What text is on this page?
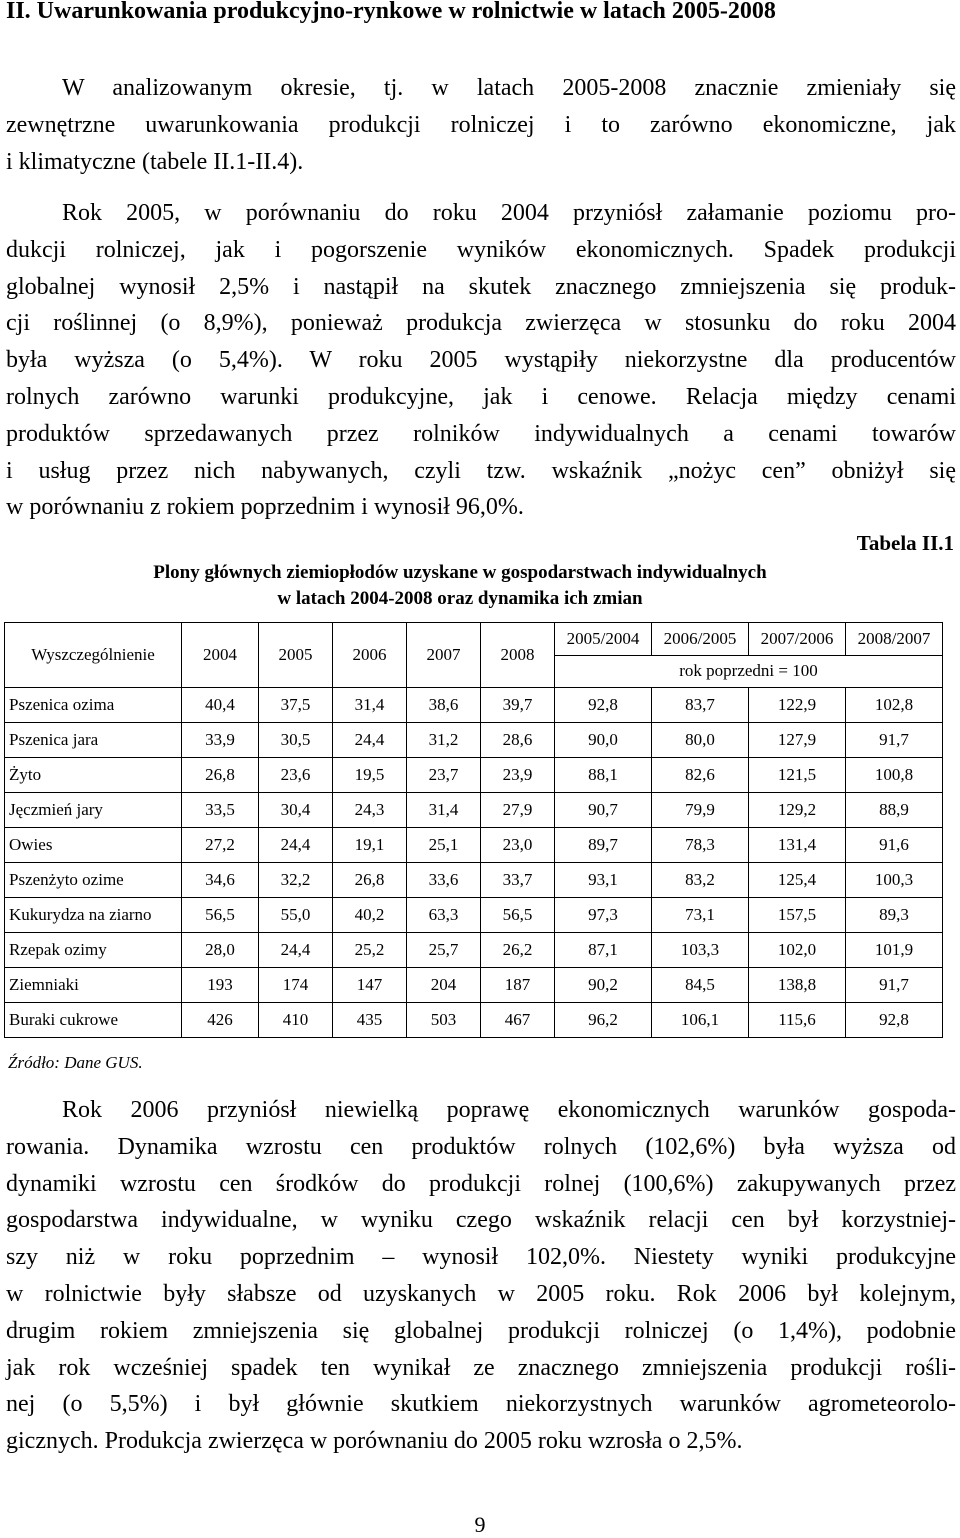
II. Uwarunkowania produkcyjno-rynkowe w rolnictwie w latach 2005-2008
W analizowanym okresie, tj. w latach 2005-2008 znacznie zmieniały się
zewnętrzne uwarunkowania produkcji rolniczej i to zarówno ekonomiczne, jak
i klimatyczne (tabele II.1-II.4).
Rok 2005, w porównaniu do roku 2004 przyniósł załamanie poziomu pro-
dukcji rolniczej, jak i pogorszenie wyników ekonomicznych. Spadek produkcji
globalnej wynosił 2,5% i nastąpił na skutek znacznego zmniejszenia się produk-
cji roślinnej (o 8,9%), ponieważ produkcja zwierzęca w stosunku do roku 2004
była wyższa (o 5,4%). W roku 2005 wystąpiły niekorzystne dla producentów
rolnych zarówno warunki produkcyjne, jak i cenowe. Relacja między cenami
produktów sprzedawanych przez rolników indywidualnych a cenami towarów
i usług przez nich nabywanych, czyli tzw. wskaźnik „nożyc cen” obniżył się
w porównaniu z rokiem poprzednim i wynosił 96,0%.
Tabela II.1
Plony głównych ziemiopłodów uzyskane w gospodarstwach indywidualnych
w latach 2004-2008 oraz dynamika ich zmian
Wyszczególnienie	2004	2005	2006	2007	2008	2005/2004	2006/2005	2007/2006	2008/2007
						rok poprzedni = 100			
Pszenica ozima	40,4	37,5	31,4	38,6	39,7	92,8	83,7	122,9	102,8
Pszenica jara	33,9	30,5	24,4	31,2	28,6	90,0	80,0	127,9	91,7
Żyto	26,8	23,6	19,5	23,7	23,9	88,1	82,6	121,5	100,8
Jęczmień jary	33,5	30,4	24,3	31,4	27,9	90,7	79,9	129,2	88,9
Owies	27,2	24,4	19,1	25,1	23,0	89,7	78,3	131,4	91,6
Pszenżyto ozime	34,6	32,2	26,8	33,6	33,7	93,1	83,2	125,4	100,3
Kukurydza na ziarno	56,5	55,0	40,2	63,3	56,5	97,3	73,1	157,5	89,3
Rzepak ozimy	28,0	24,4	25,2	25,7	26,2	87,1	103,3	102,0	101,9
Ziemniaki	193	174	147	204	187	90,2	84,5	138,8	91,7
Buraki cukrowe	426	410	435	503	467	96,2	106,1	115,6	92,8
Źródło: Dane GUS.
Rok 2006 przyniósł niewielką poprawę ekonomicznych warunków gospoda-
rowania. Dynamika wzrostu cen produktów rolnych (102,6%) była wyższa od
dynamiki wzrostu cen środków do produkcji rolnej (100,6%) zakupywanych przez
gospodarstwa indywidualne, w wyniku czego wskaźnik relacji cen był korzystniej-
szy niż w roku poprzednim – wynosił 102,0%. Niestety wyniki produkcyjne
w rolnictwie były słabsze od uzyskanych w 2005 roku. Rok 2006 był kolejnym,
drugim rokiem zmniejszenia się globalnej produkcji rolniczej (o 1,4%), podobnie
jak rok wcześniej spadek ten wynikał ze znacznego zmniejszenia produkcji rośli-
nej (o 5,5%) i był głównie skutkiem niekorzystnych warunków agrometeorolo-
gicznych. Produkcja zwierzęca w porównaniu do 2005 roku wzrosła o 2,5%.
9
